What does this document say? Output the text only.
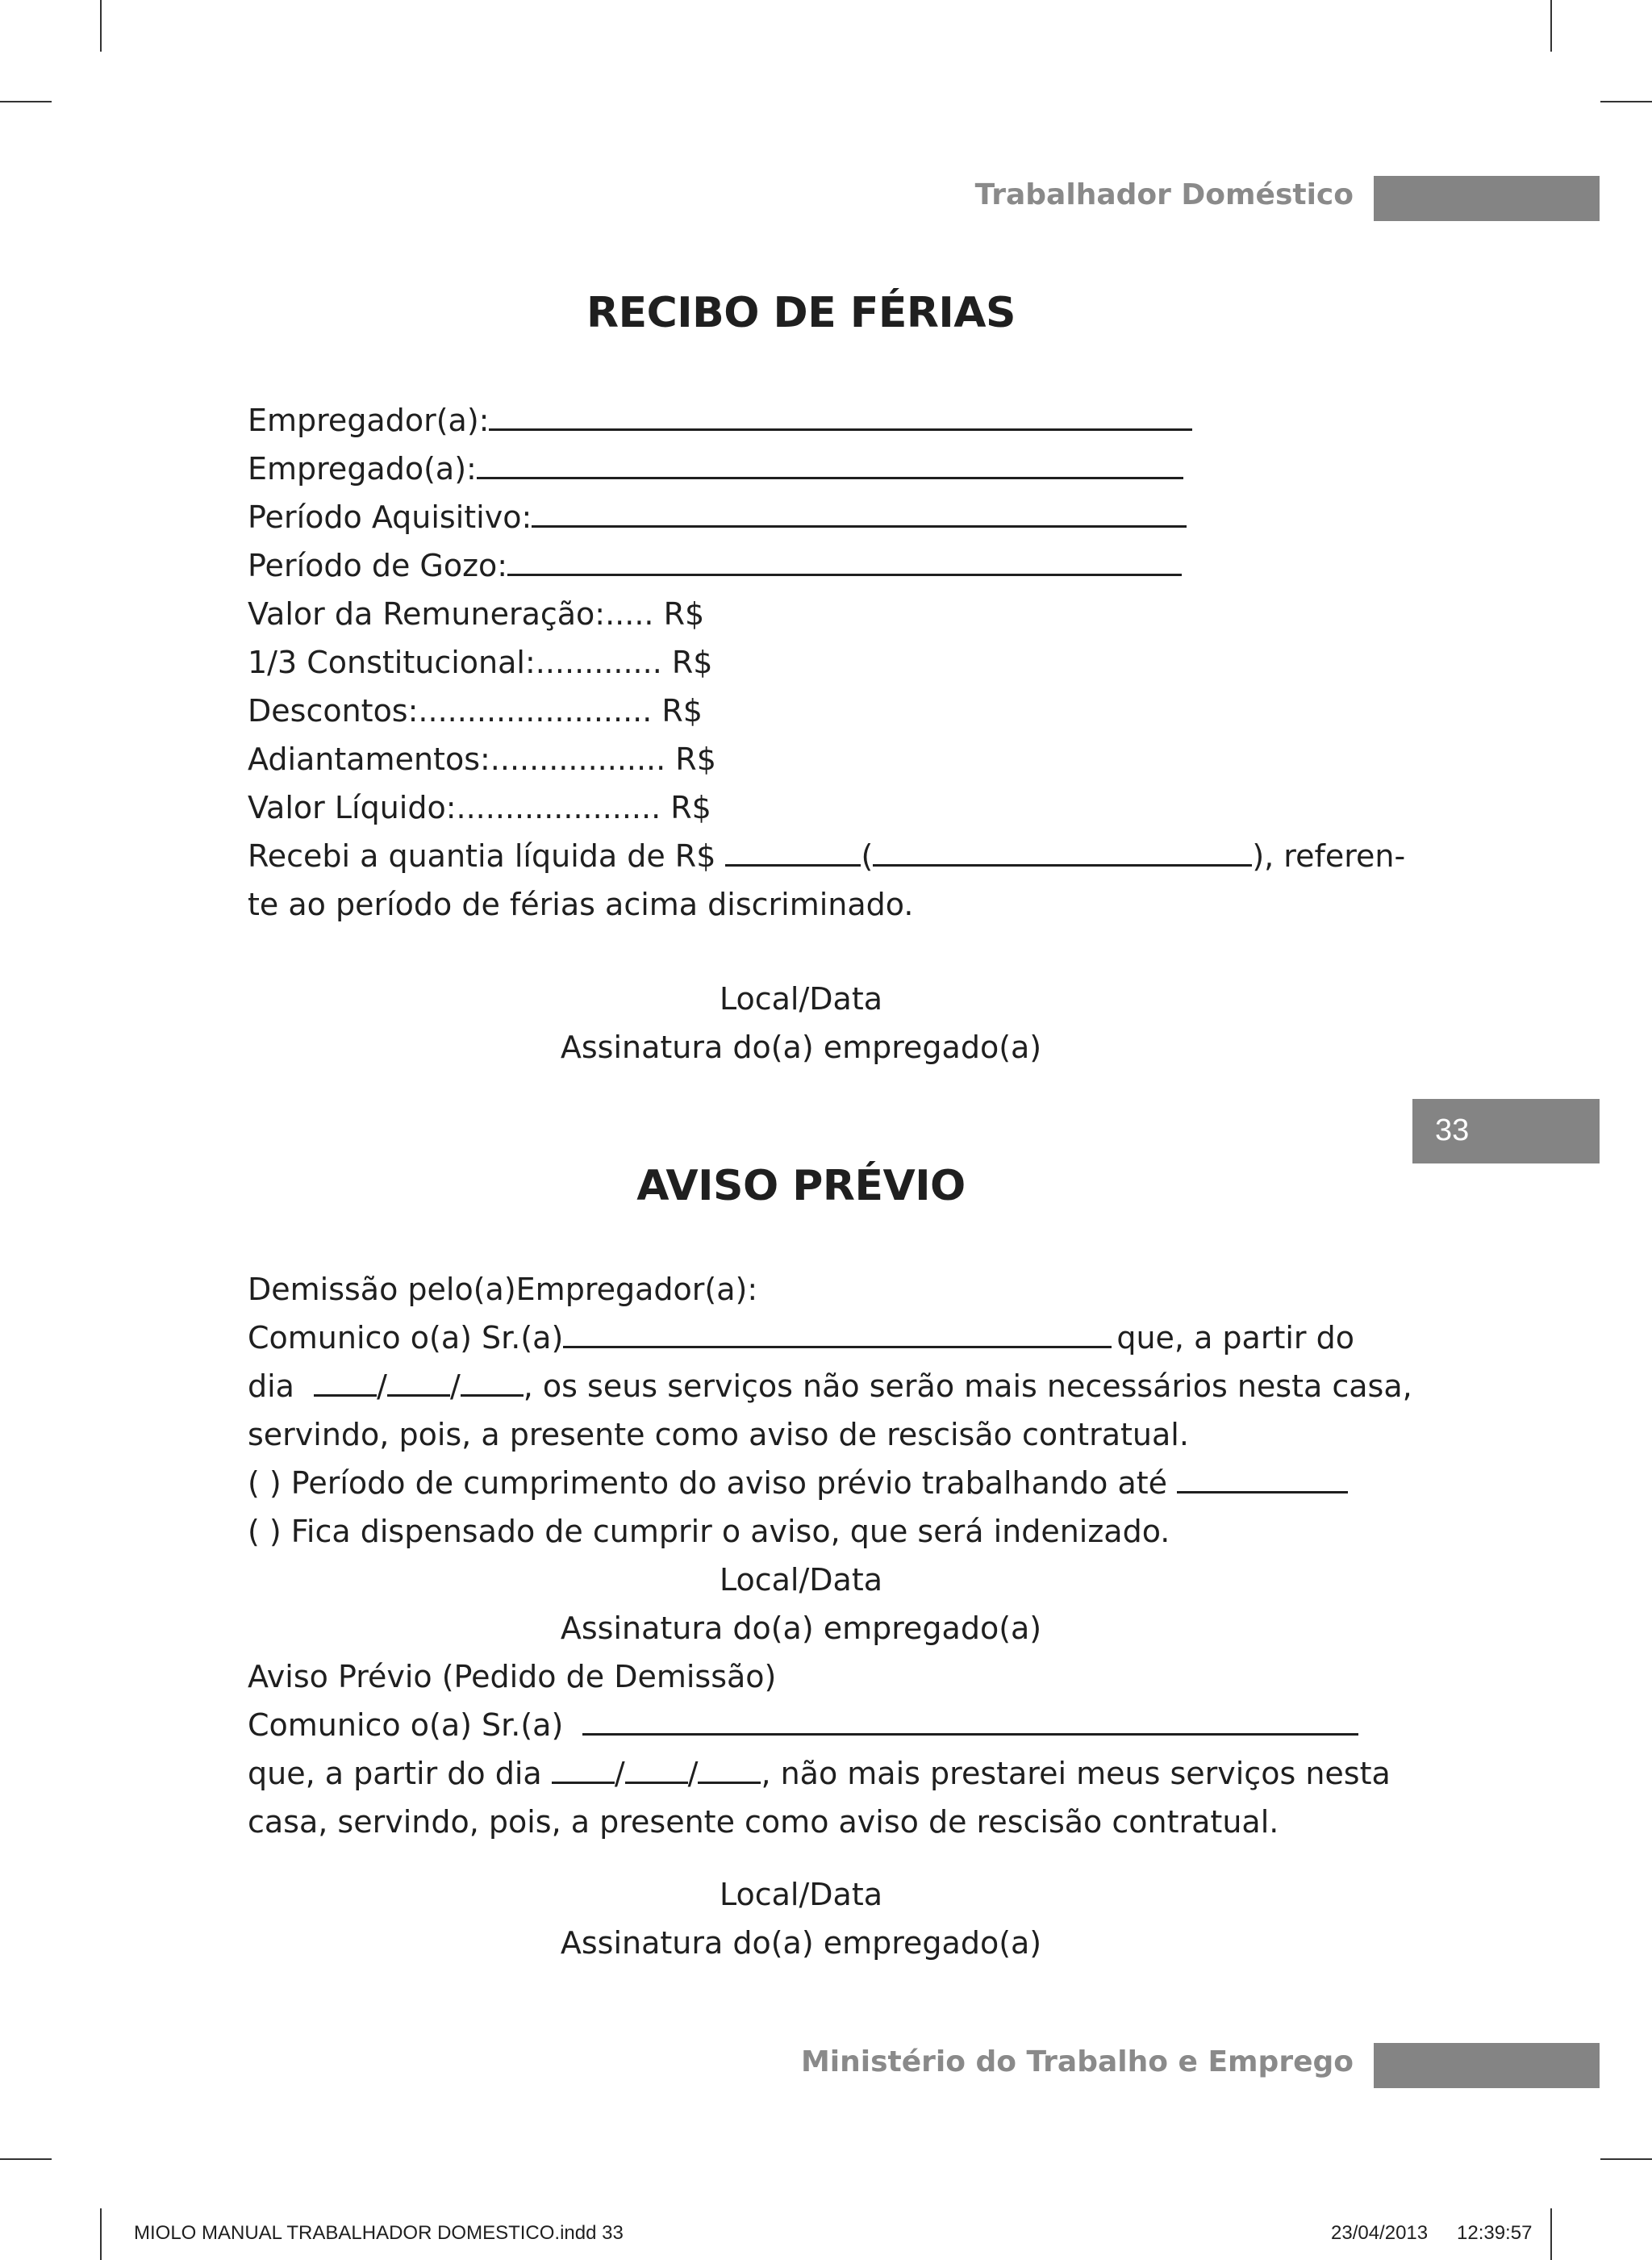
Trabalhador Doméstico
33
RECIBO DE FÉRIAS
Empregador(a):
Empregado(a):
Período Aquisitivo:
Período de Gozo:
Valor da Remuneração:..... R$
1/3 Constitucional:............. R$
Descontos:........................ R$
Adiantamentos:.................. R$
Valor Líquido:..................... R$
Recebi a quantia líquida de R$	(	), referen-
te ao período de férias acima discriminado.
Local/Data
Assinatura do(a) empregado(a)
AVISO PRÉVIO
Demissão pelo(a)Empregador(a):
Comunico o(a) Sr.(a)	que, a partir do
dia	/ / , os seus serviços não serão mais necessários nesta casa,
servindo, pois, a presente como aviso de rescisão contratual.
( ) Período de cumprimento do aviso prévio trabalhando até
( ) Fica dispensado de cumprir o aviso, que será indenizado.
Local/Data
Assinatura do(a) empregado(a)
Aviso Prévio (Pedido de Demissão)
Comunico o(a) Sr.(a)
que, a partir do dia / / , não mais prestarei meus serviços nesta
casa, servindo, pois, a presente como aviso de rescisão contratual.
Local/Data
Assinatura do(a) empregado(a)
Ministério do Trabalho e Emprego
MIOLO MANUAL TRABALHADOR DOMESTICO.indd 33	23/04/2013 12:39:57
